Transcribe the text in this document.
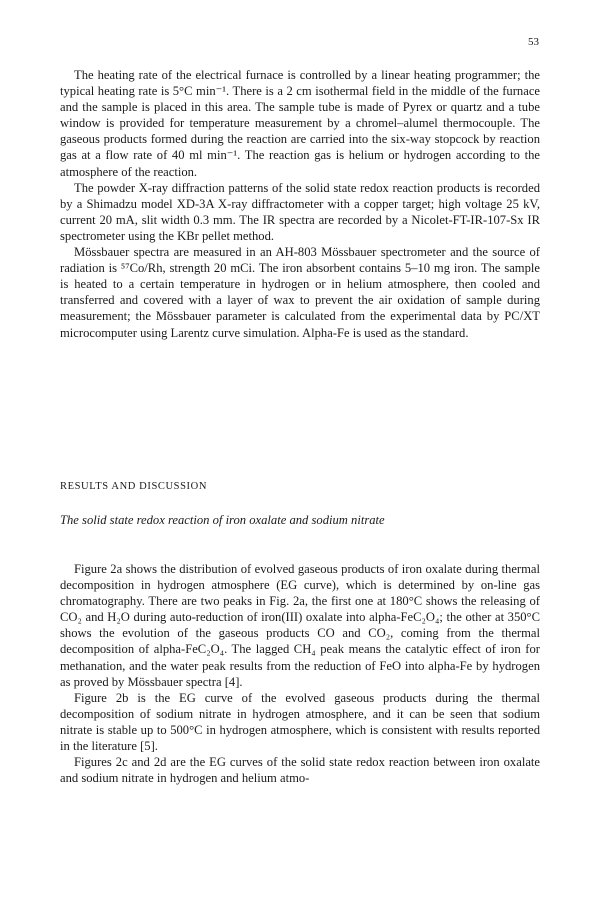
53

The heating rate of the electrical furnace is controlled by a linear heating programmer; the typical heating rate is 5°C min⁻¹. There is a 2 cm isothermal field in the middle of the furnace and the sample is placed in this area. The sample tube is made of Pyrex or quartz and a tube window is provided for temperature measurement by a chromel–alumel thermocouple. The gaseous products formed during the reaction are carried into the six-way stopcock by reaction gas at a flow rate of 40 ml min⁻¹. The reaction gas is helium or hydrogen according to the atmosphere of the reaction.

The powder X-ray diffraction patterns of the solid state redox reaction products is recorded by a Shimadzu model XD-3A X-ray diffractometer with a copper target; high voltage 25 kV, current 20 mA, slit width 0.3 mm. The IR spectra are recorded by a Nicolet-FT-IR-107-Sx IR spectrometer using the KBr pellet method.

Mössbauer spectra are measured in an AH-803 Mössbauer spectrometer and the source of radiation is ⁵⁷Co/Rh, strength 20 mCi. The iron absorbent contains 5–10 mg iron. The sample is heated to a certain temperature in hydrogen or in helium atmosphere, then cooled and transferred and covered with a layer of wax to prevent the air oxidation of sample during measurement; the Mössbauer parameter is calculated from the experimental data by PC/XT microcomputer using Larentz curve simulation. Alpha-Fe is used as the standard.

RESULTS AND DISCUSSION
The solid state redox reaction of iron oxalate and sodium nitrate

Figure 2a shows the distribution of evolved gaseous products of iron oxalate during thermal decomposition in hydrogen atmosphere (EG curve), which is determined by on-line gas chromatography. There are two peaks in Fig. 2a, the first one at 180°C shows the releasing of CO₂ and H₂O during auto-reduction of iron(III) oxalate into alpha-FeC₂O₄; the other at 350°C shows the evolution of the gaseous products CO and CO₂, coming from the thermal decomposition of alpha-FeC₂O₄. The lagged CH₄ peak means the catalytic effect of iron for methanation, and the water peak results from the reduction of FeO into alpha-Fe by hydrogen as proved by Mössbauer spectra [4].

Figure 2b is the EG curve of the evolved gaseous products during the thermal decomposition of sodium nitrate in hydrogen atmosphere, and it can be seen that sodium nitrate is stable up to 500°C in hydrogen atmosphere, which is consistent with results reported in the literature [5].

Figures 2c and 2d are the EG curves of the solid state redox reaction between iron oxalate and sodium nitrate in hydrogen and helium atmo-
